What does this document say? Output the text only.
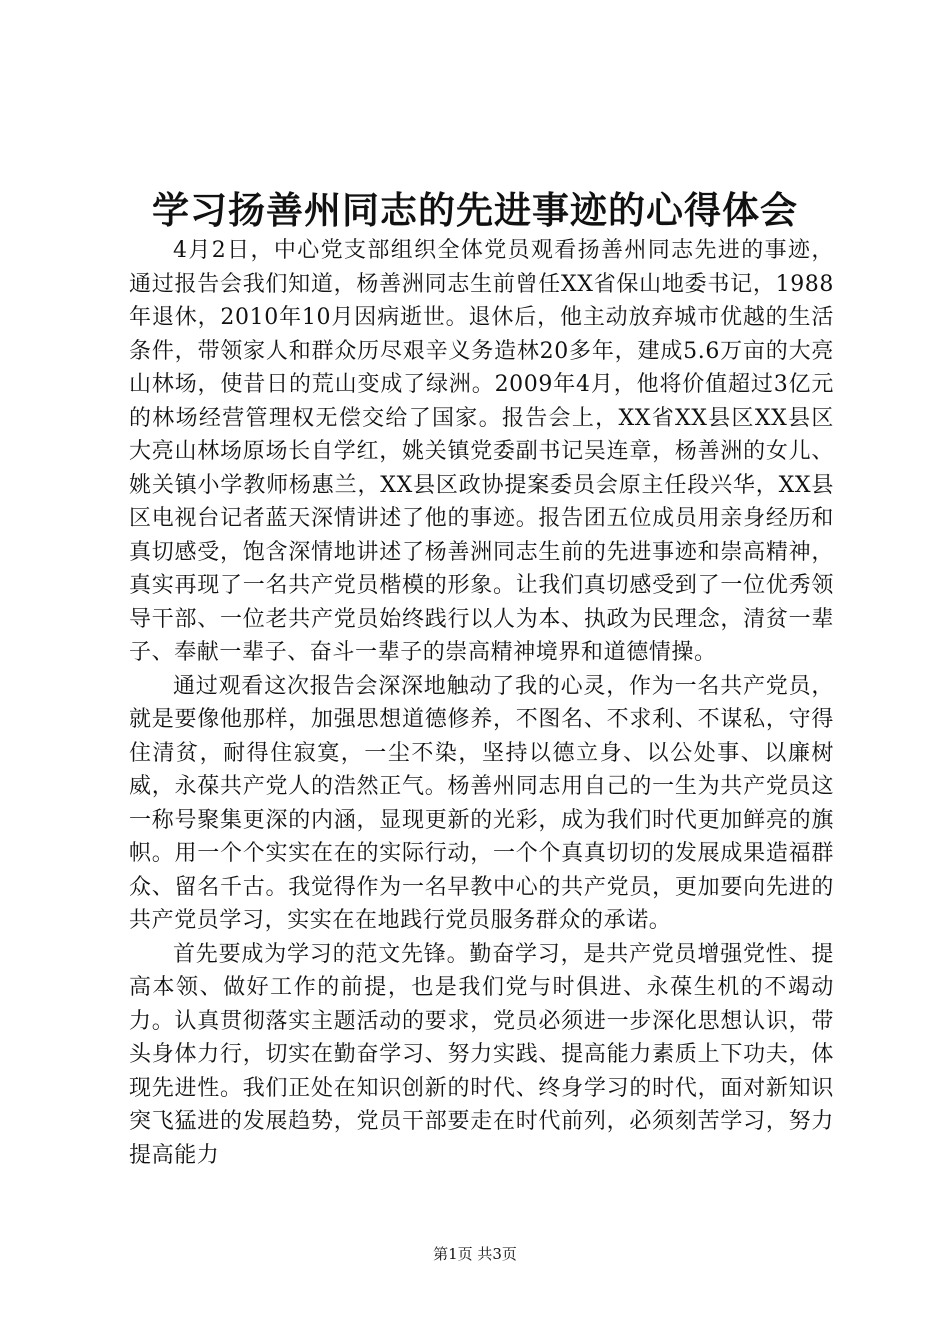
学习扬善州同志的先进事迹的心得体会

4月2日，中心党支部组织全体党员观看扬善州同志先进的事迹，通过报告会我们知道，杨善洲同志生前曾任XX省保山地委书记，1988年退休，2010年10月因病逝世。退休后，他主动放弃城市优越的生活条件，带领家人和群众历尽艰辛义务造林20多年，建成5.6万亩的大亮山林场，使昔日的荒山变成了绿洲。2009年4月，他将价值超过3亿元的林场经营管理权无偿交给了国家。报告会上，XX省XX县区XX县区大亮山林场原场长自学红，姚关镇党委副书记吴连章，杨善洲的女儿、姚关镇小学教师杨惠兰，XX县区政协提案委员会原主任段兴华，XX县区电视台记者蓝天深情讲述了他的事迹。报告团五位成员用亲身经历和真切感受，饱含深情地讲述了杨善洲同志生前的先进事迹和崇高精神，真实再现了一名共产党员楷模的形象。让我们真切感受到了一位优秀领导干部、一位老共产党员始终践行以人为本、执政为民理念，清贫一辈子、奉献一辈子、奋斗一辈子的崇高精神境界和道德情操。

通过观看这次报告会深深地触动了我的心灵，作为一名共产党员，就是要像他那样，加强思想道德修养，不图名、不求利、不谋私，守得住清贫，耐得住寂寞，一尘不染，坚持以德立身、以公处事、以廉树威，永葆共产党人的浩然正气。杨善州同志用自己的一生为共产党员这一称号聚集更深的内涵，显现更新的光彩，成为我们时代更加鲜亮的旗帜。用一个个实实在在的实际行动，一个个真真切切的发展成果造福群众、留名千古。我觉得作为一名早教中心的共产党员，更加要向先进的共产党员学习，实实在在地践行党员服务群众的承诺。

首先要成为学习的范文先锋。勤奋学习，是共产党员增强党性、提高本领、做好工作的前提，也是我们党与时俱进、永葆生机的不竭动力。认真贯彻落实主题活动的要求，党员必须进一步深化思想认识，带头身体力行，切实在勤奋学习、努力实践、提高能力素质上下功夫，体现先进性。我们正处在知识创新的时代、终身学习的时代，面对新知识突飞猛进的发展趋势，党员干部要走在时代前列，必须刻苦学习，努力提高能力

第1页 共3页
